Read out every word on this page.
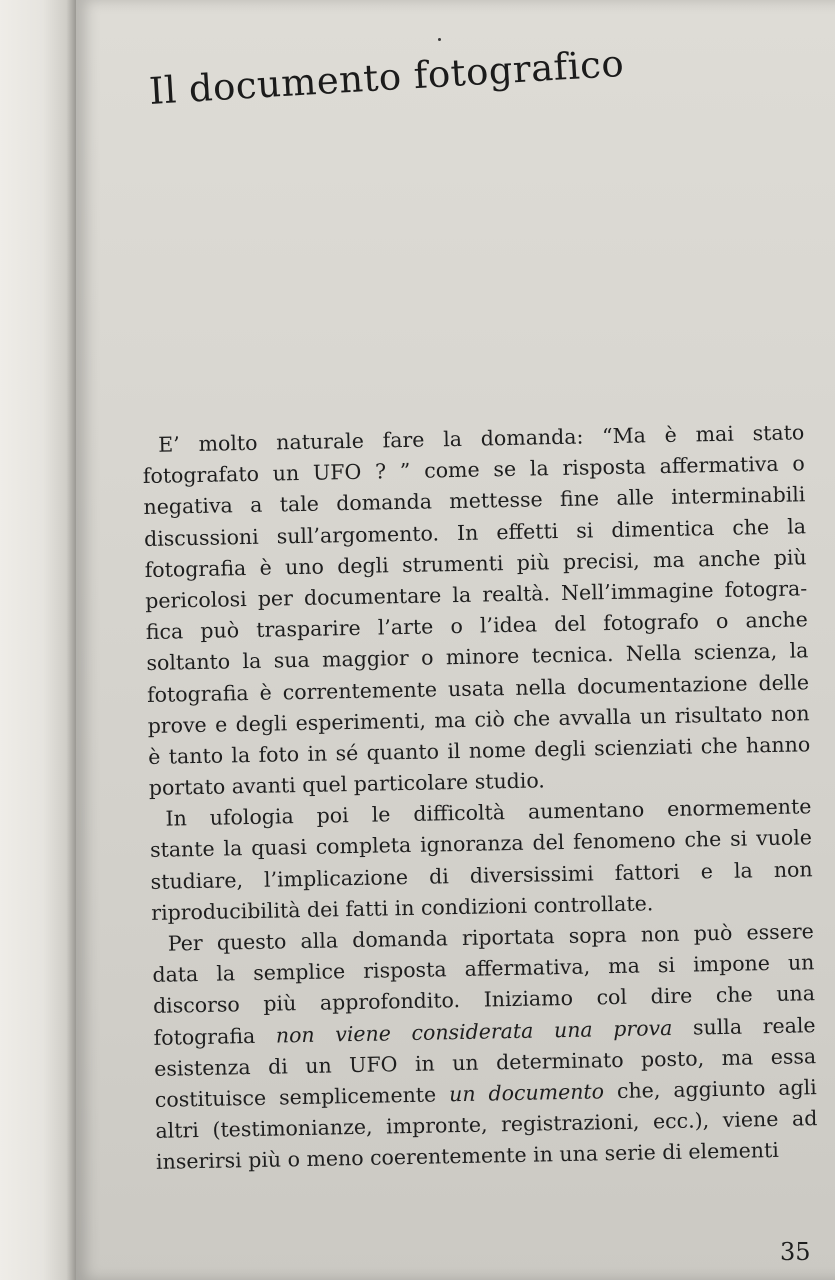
Il documento fotografico
E’ molto naturale fare la domanda: “Ma è mai stato
fotografato un UFO ? ” come se la risposta affermativa o
negativa a tale domanda mettesse fine alle interminabili
discussioni sull’argomento. In effetti si dimentica che la
fotografia è uno degli strumenti più precisi, ma anche più
pericolosi per documentare la realtà. Nell’immagine fotogra-
fica può trasparire l’arte o l’idea del fotografo o anche
soltanto la sua maggior o minore tecnica. Nella scienza, la
fotografia è correntemente usata nella documentazione delle
prove e degli esperimenti, ma ciò che avvalla un risultato non
è tanto la foto in sé quanto il nome degli scienziati che hanno
portato avanti quel particolare studio.
In ufologia poi le difficoltà aumentano enormemente
stante la quasi completa ignoranza del fenomeno che si vuole
studiare, l’implicazione di diversissimi fattori e la non
riproducibilità dei fatti in condizioni controllate.
Per questo alla domanda riportata sopra non può essere
data la semplice risposta affermativa, ma si impone un
discorso più approfondito. Iniziamo col dire che una
fotografia non viene considerata una prova sulla reale
esistenza di un UFO in un determinato posto, ma essa
costituisce semplicemente un documento che, aggiunto agli
altri (testimonianze, impronte, registrazioni, ecc.), viene ad
inserirsi più o meno coerentemente in una serie di elementi
35
